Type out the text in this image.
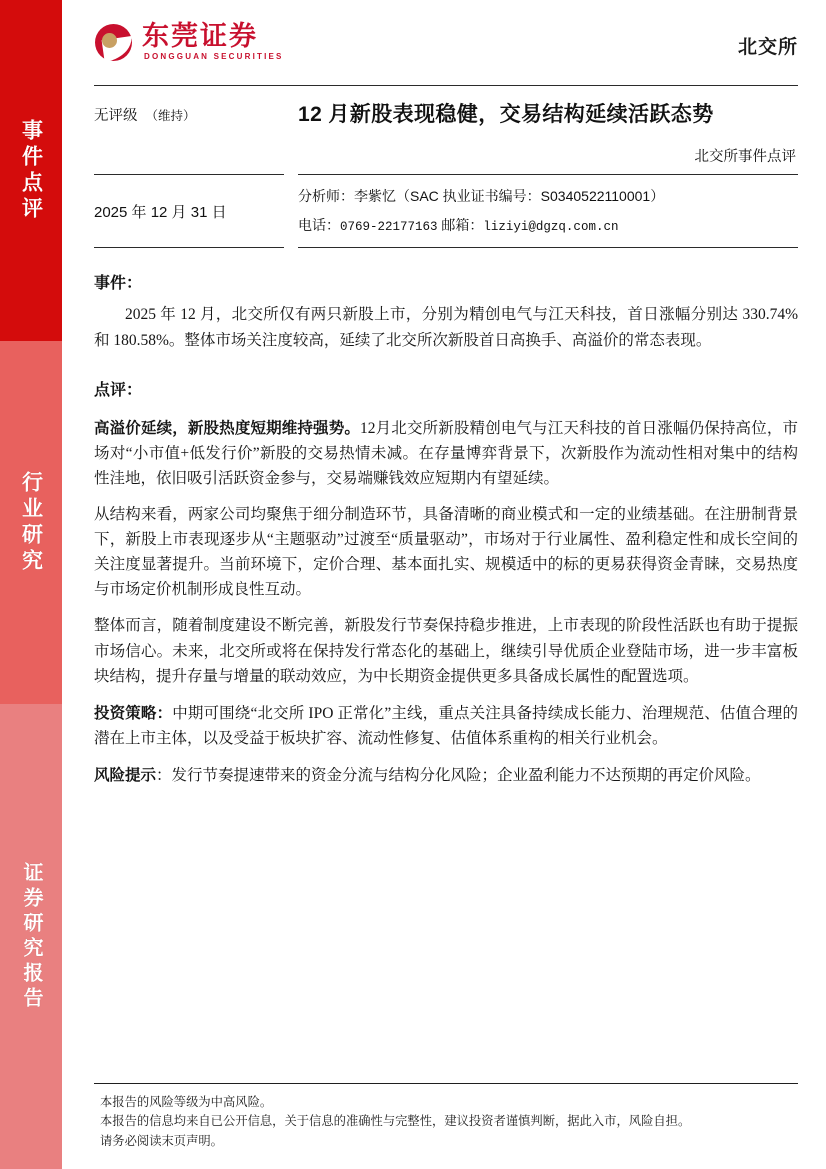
事件点评
行业研究
证券研究报告
东莞证券
DONGGUAN SECURITIES	北交所
无评级 （维持）	12 月新股表现稳健，交易结构延续活跃态势
北交所事件点评
2025 年 12 月 31 日
分析师：李紫忆（SAC 执业证书编号：S0340522110001）
电话：0769-22177163 邮箱：liziyi@dgzq.com.cn
事件：

2025 年 12 月，北交所仅有两只新股上市，分别为精创电气与江天科技，首日涨幅分别达 330.74%和 180.58%。整体市场关注度较高，延续了北交所次新股首日高换手、高溢价的常态表现。

点评：

高溢价延续，新股热度短期维持强势。12月北交所新股精创电气与江天科技的首日涨幅仍保持高位，市场对“小市值+低发行价”新股的交易热情未减。在存量博弈背景下，次新股作为流动性相对集中的结构性洼地，依旧吸引活跃资金参与，交易端赚钱效应短期内有望延续。

从结构来看，两家公司均聚焦于细分制造环节，具备清晰的商业模式和一定的业绩基础。在注册制背景下，新股上市表现逐步从“主题驱动”过渡至“质量驱动”，市场对于行业属性、盈利稳定性和成长空间的关注度显著提升。当前环境下，定价合理、基本面扎实、规模适中的标的更易获得资金青睐，交易热度与市场定价机制形成良性互动。

整体而言，随着制度建设不断完善，新股发行节奏保持稳步推进，上市表现的阶段性活跃也有助于提振市场信心。未来，北交所或将在保持发行常态化的基础上，继续引导优质企业登陆市场，进一步丰富板块结构，提升存量与增量的联动效应，为中长期资金提供更多具备成长属性的配置选项。

投资策略：中期可围绕“北交所 IPO 正常化”主线，重点关注具备持续成长能力、治理规范、估值合理的潜在上市主体，以及受益于板块扩容、流动性修复、估值体系重构的相关行业机会。

风险提示：发行节奏提速带来的资金分流与结构分化风险；企业盈利能力不达预期的再定价风险。

本报告的风险等级为中高风险。
本报告的信息均来自已公开信息，关于信息的准确性与完整性，建议投资者谨慎判断，据此入市，风险自担。
请务必阅读末页声明。
